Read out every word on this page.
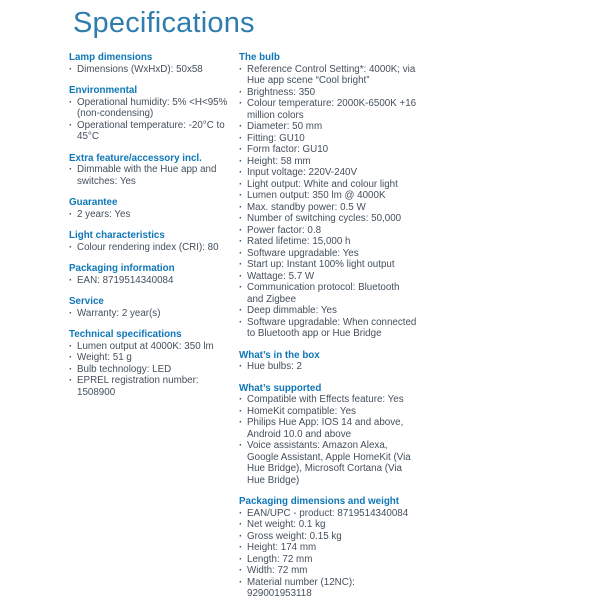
Specifications
Lamp dimensions
·
Dimensions (WxHxD): 50x58
Environmental
·
Operational humidity: 5% <H<95% (non-condensing)
·
Operational temperature: -20°C to 45°C
Extra feature/accessory incl.
·
Dimmable with the Hue app and switches: Yes
Guarantee
·
2 years: Yes
Light characteristics
·
Colour rendering index (CRI): 80
Packaging information
·
EAN: 8719514340084
Service
·
Warranty: 2 year(s)
Technical specifications
·
Lumen output at 4000K: 350 lm
·
Weight: 51 g
·
Bulb technology: LED
·
EPREL registration number: 1508900
The bulb
·
Reference Control Setting*: 4000K; via Hue app scene “Cool bright”
·
Brightness: 350
·
Colour temperature: 2000K-6500K +16 million colors
·
Diameter: 50 mm
·
Fitting: GU10
·
Form factor: GU10
·
Height: 58 mm
·
Input voltage: 220V-240V
·
Light output: White and colour light
·
Lumen output: 350 lm @ 4000K
·
Max. standby power: 0.5 W
·
Number of switching cycles: 50,000
·
Power factor: 0.8
·
Rated lifetime: 15,000 h
·
Software upgradable: Yes
·
Start up: Instant 100% light output
·
Wattage: 5.7 W
·
Communication protocol: Bluetooth and Zigbee
·
Deep dimmable: Yes
·
Software upgradable: When connected to Bluetooth app or Hue Bridge
What’s in the box
·
Hue bulbs: 2
What’s supported
·
Compatible with Effects feature: Yes
·
HomeKit compatible: Yes
·
Philips Hue App: IOS 14 and above, Android 10.0 and above
·
Voice assistants: Amazon Alexa, Google Assistant, Apple HomeKit (Via Hue Bridge), Microsoft Cortana (Via Hue Bridge)
Packaging dimensions and weight
·
EAN/UPC - product: 8719514340084
·
Net weight: 0.1 kg
·
Gross weight: 0.15 kg
·
Height: 174 mm
·
Length: 72 mm
·
Width: 72 mm
·
Material number (12NC): 929001953118
